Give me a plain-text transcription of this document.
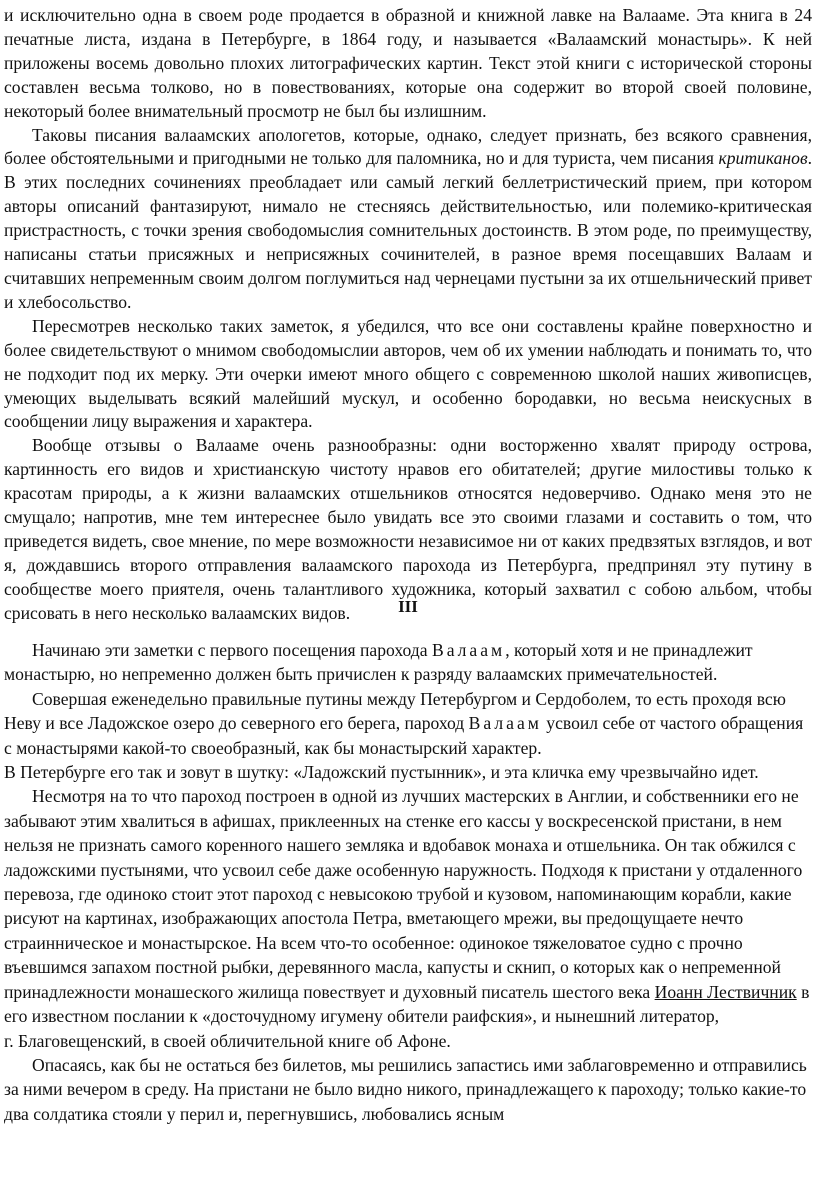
и исключительно одна в своем роде продается в образной и книжной лавке на Валааме. Эта книга в 24 печатные листа, издана в Петербурге, в 1864 году, и называется «Валаамский монастырь». К ней приложены восемь довольно плохих литографических картин. Текст этой книги с исторической стороны составлен весьма толково, но в повествованиях, которые она содержит во второй своей половине, некоторый более внимательный просмотр не был бы излишним.

Таковы писания валаамских апологетов, которые, однако, следует признать, без всякого сравнения, более обстоятельными и пригодными не только для паломника, но и для туриста, чем писания критиканов. В этих последних сочинениях преобладает или самый легкий беллетристический прием, при котором авторы описаний фантазируют, нимало не стесняясь действительностью, или полемико-критическая пристрастность, с точки зрения свободомыслия сомнительных достоинств. В этом роде, по преимуществу, написаны статьи присяжных и неприсяжных сочинителей, в разное время посещавших Валаам и считавших непременным своим долгом поглумиться над чернецами пустыни за их отшельнический привет и хлебосольство.

Пересмотрев несколько таких заметок, я убедился, что все они составлены крайне поверхностно и более свидетельствуют о мнимом свободомыслии авторов, чем об их умении наблюдать и понимать то, что не подходит под их мерку. Эти очерки имеют много общего с современною школой наших живописцев, умеющих выделывать всякий малейший мускул, и особенно бородавки, но весьма неискусных в сообщении лицу выражения и характера.

Вообще отзывы о Валааме очень разнообразны: одни восторженно хвалят природу острова, картинность его видов и христианскую чистоту нравов его обитателей; другие милостивы только к красотам природы, а к жизни валаамских отшельников относятся недоверчиво. Однако меня это не смущало; напротив, мне тем интереснее было увидать все это своими глазами и составить о том, что приведется видеть, свое мнение, по мере возможности независимое ни от каких предвзятых взглядов, и вот я, дождавшись второго отправления валаамского парохода из Петербурга, предпринял эту путину в сообществе моего приятеля, очень талантливого художника, который захватил с собою альбом, чтобы срисовать в него несколько валаамских видов.	III

Начинаю эти заметки с первого посещения парохода Валаам, который хотя и не принадлежит монастырю, но непременно должен быть причислен к разряду валаамских примечательностей.

Совершая еженедельно правильные путины между Петербургом и Сердоболем, то есть проходя всю Неву и все Ладожское озеро до северного его берега, пароход Валаам усвоил себе от частого обращения с монастырями какой-то своеобразный, как бы монастырский характер.

В Петербурге его так и зовут в шутку: «Ладожский пустынник», и эта кличка ему чрезвычайно идет.

Несмотря на то что пароход построен в одной из лучших мастерских в Англии, и собственники его не забывают этим хвалиться в афишах, приклеенных на стенке его кассы у воскресенской пристани, в нем нельзя не признать самого коренного нашего земляка и вдобавок монаха и отшельника. Он так обжился с ладожскими пустынями, что усвоил себе даже особенную наружность. Подходя к пристани у отдаленного перевоза, где одиноко стоит этот пароход с невысокою трубой и кузовом, напоминающим корабли, какие рисуют на картинах, изображающих апостола Петра, вметающего мрежи, вы предощущаете нечто страинническое и монастырское. На всем что-то особенное: одинокое тяжеловатое судно с прочно въевшимся запахом постной рыбки, деревянного масла, капусты и скнип, о которых как о непременной принадлежности монашеского жилища повествует и духовный писатель шестого века Иоанн Лествичник в его известном послании к «досточудному игумену обители раифския», и нынешний литератор,

г. Благовещенский, в своей обличительной книге об Афоне.

Опасаясь, как бы не остаться без билетов, мы решились запастись ими заблаговременно и отправились за ними вечером в среду. На пристани не было видно никого, принадлежащего к пароходу; только какие-то два солдатика стояли у перил и, перегнувшись, любовались ясным
